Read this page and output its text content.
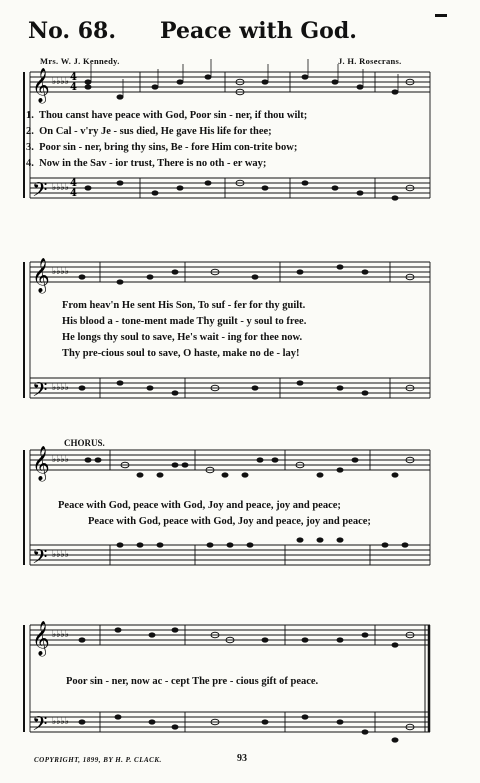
No. 68. Peace with God.
Mrs. W. J. Kennedy.	J. H. Rosecrans.
𝄞
𝄢
♭♭♭♭
♭♭♭♭
4
4
4
4
𝄞
𝄢
♭♭♭♭
♭♭♭♭
𝄞
𝄢
♭♭♭♭
♭♭♭♭
𝄞
𝄢
♭♭♭♭
♭♭♭♭
1. Thou canst have peace with God, Poor sin - ner, if thou wilt;
2. On Cal - v'ry Je - sus died, He gave His life for thee;
3. Poor sin - ner, bring thy sins, Be - fore Him con-trite bow;
4. Now in the Sav - ior trust, There is no oth - er way;
From heav'n He sent His Son, To suf - fer for thy guilt.
His blood a - tone-ment made Thy guilt - y soul to free.
He longs thy soul to save, He's wait - ing for thee now.
Thy pre-cious soul to save, O haste, make no de - lay!
CHORUS.
Peace with God, peace with God, Joy and peace, joy and peace;
Peace with God, peace with God, Joy and peace, joy and peace;
Poor sin - ner, now ac - cept The pre - cious gift of peace.
COPYRIGHT, 1899, BY H. P. CLACK.	93
